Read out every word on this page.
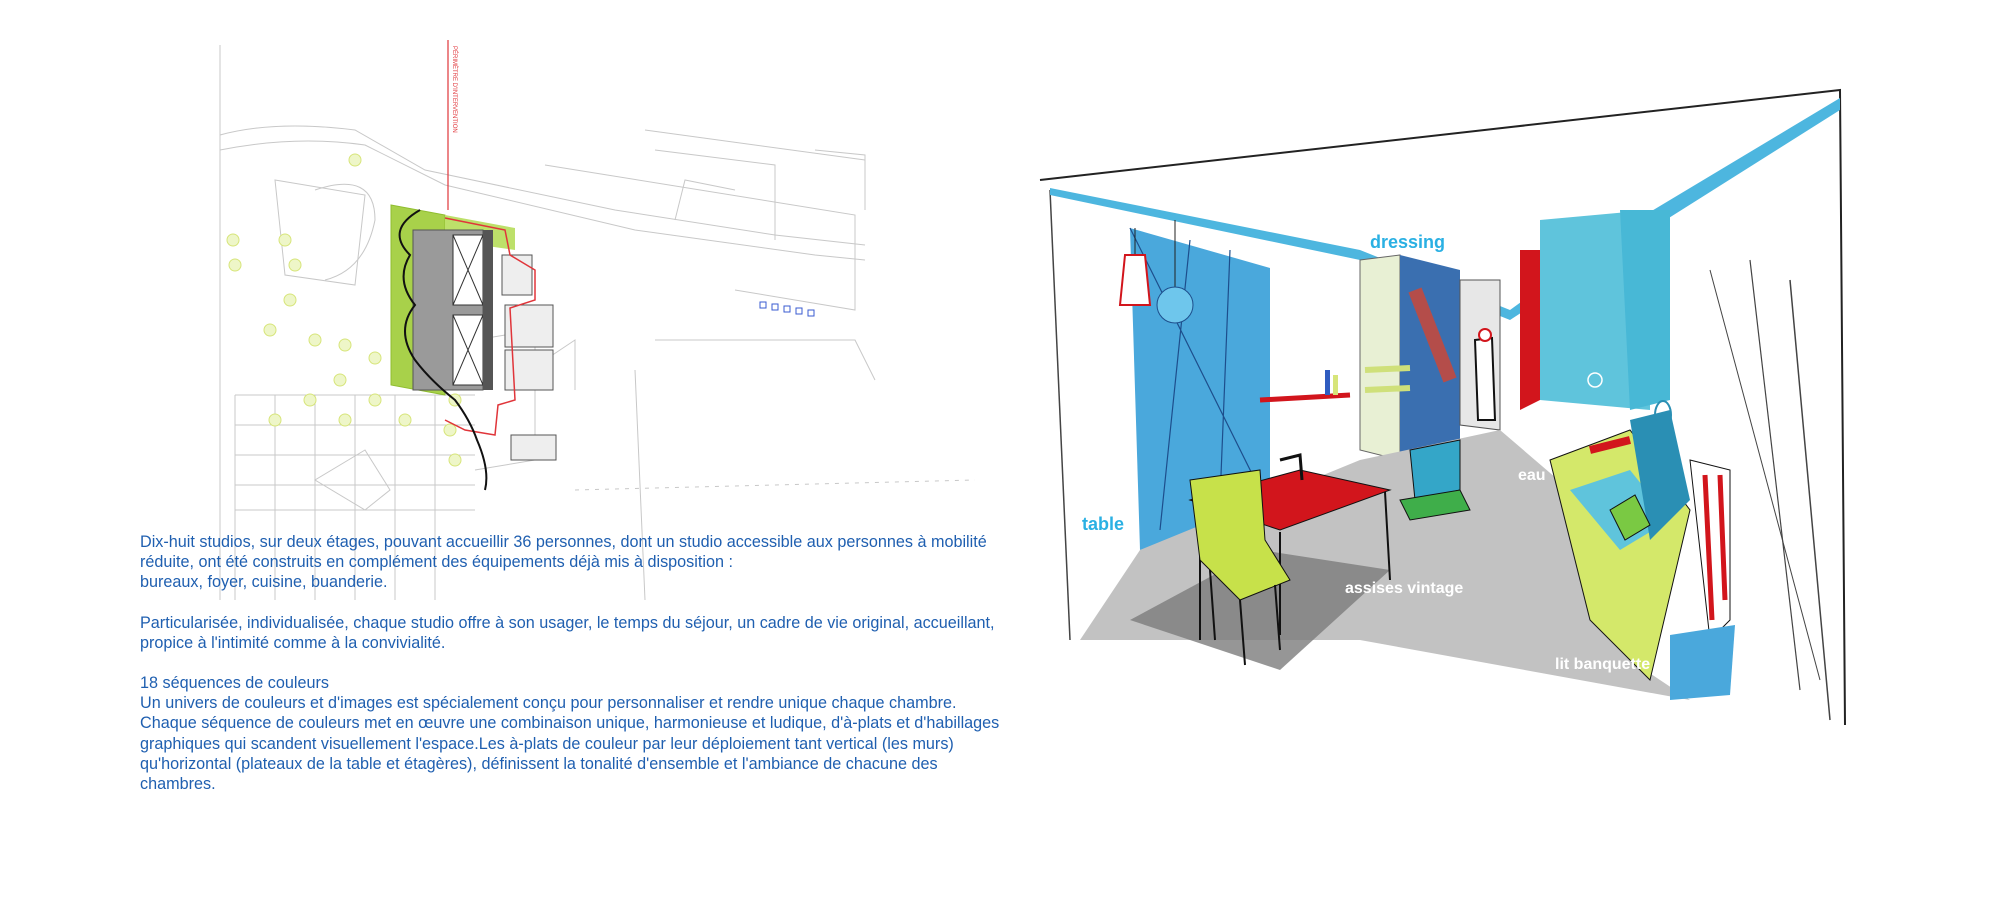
PÉRIMÈTRE D'INTERVENTION
dressing
table
eau
assises vintage
lit banquette

Dix-huit studios, sur deux étages, pouvant accueillir 36 personnes, dont un studio accessible aux personnes à mobilité réduite, ont été construits en complément des équipements déjà mis à disposition :

bureaux, foyer, cuisine, buanderie.

Particularisée, individualisée, chaque studio offre à son usager, le temps du séjour, un cadre de vie original, accueillant, propice à l'intimité comme à la convivialité.

18 séquences de couleurs

Un univers de couleurs et d'images est spécialement conçu pour personnaliser et rendre unique chaque chambre. Chaque séquence de couleurs met en œuvre une combinaison unique, harmonieuse et ludique, d'à-plats et d'habillages graphiques qui scandent visuellement l'espace.Les à-plats de couleur par leur déploiement tant vertical (les murs) qu'horizontal (plateaux de la table et étagères), définissent la tonalité d'ensemble et l'ambiance de chacune des chambres.
